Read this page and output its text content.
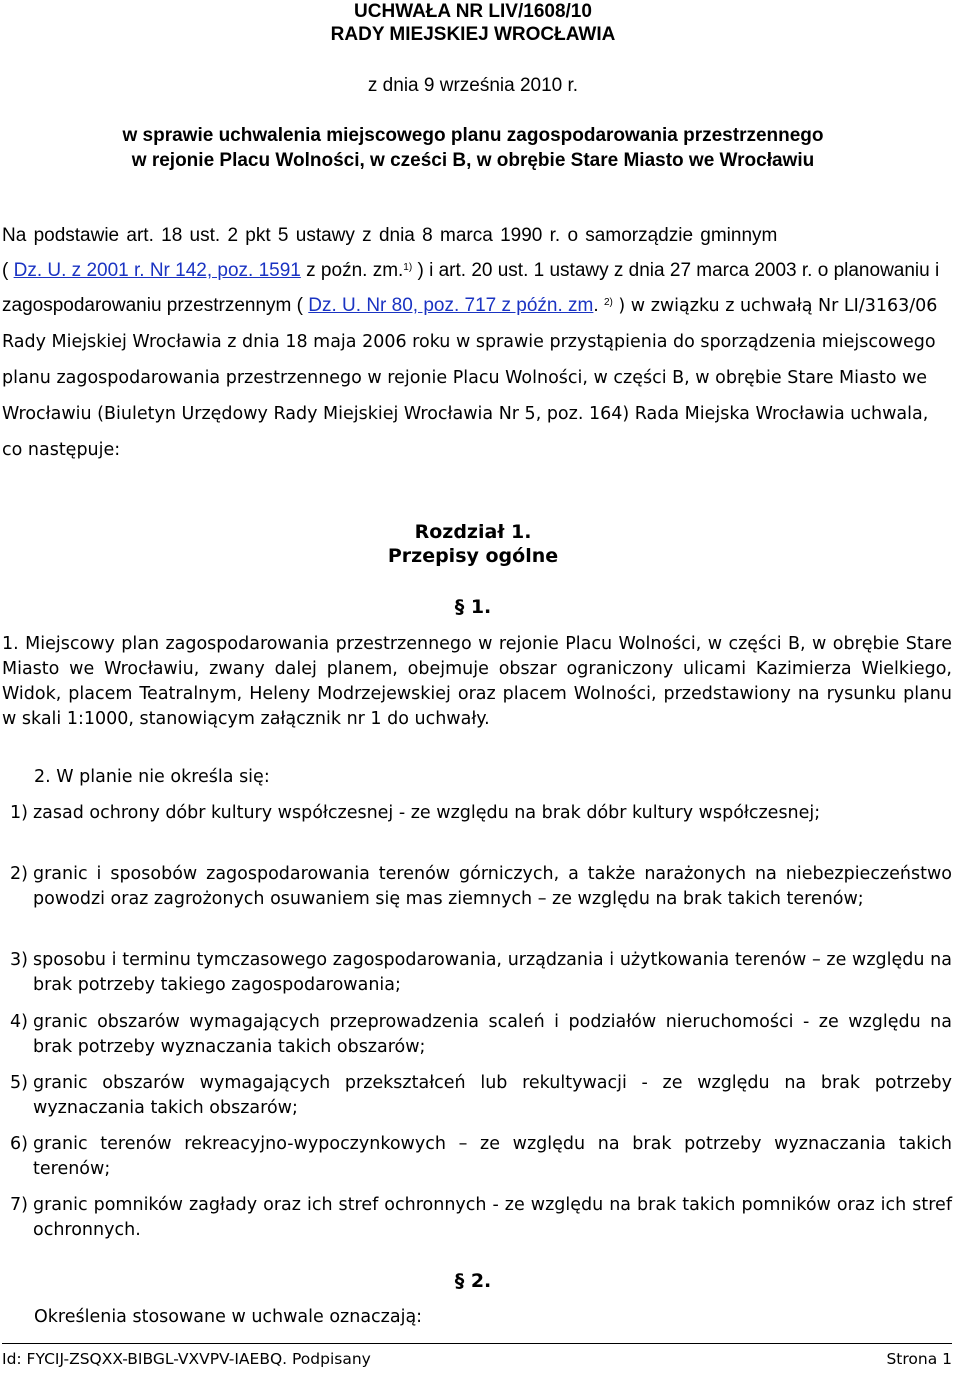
UCHWAŁA NR LIV/1608/10
RADY MIEJSKIEJ WROCŁAWIA
z dnia 9 września 2010 r.
w sprawie uchwalenia miejscowego planu zagospodarowania przestrzennego
w rejonie Placu Wolności, w cześci B, w obrębie Stare Miasto we Wrocławiu
Na podstawie art. 18 ust. 2 pkt 5 ustawy z dnia 8 marca 1990 r. o samorządzie gminnym
( Dz. U. z 2001 r. Nr 142, poz. 1591 z poźn. zm.$^{1)}$ ) i art. 20 ust. 1 ustawy z dnia 27 marca 2003 r. o planowaniu i zagospodarowaniu przestrzennym ( Dz. U. Nr 80, poz. 717 z późn. zm. $^{2)}$ ) w związku z uchwałą Nr LI/3163/06 Rady Miejskiej Wrocławia z dnia 18 maja 2006 roku w sprawie przystąpienia do sporządzenia miejscowego planu zagospodarowania przestrzennego w rejonie Placu Wolności, w części B, w obrębie Stare Miasto we Wrocławiu (Biuletyn Urzędowy Rady Miejskiej Wrocławia Nr 5, poz. 164) Rada Miejska Wrocławia uchwala, co następuje:
Rozdział 1.
Przepisy ogólne
§ 1.
1. Miejscowy plan zagospodarowania przestrzennego w rejonie Placu Wolności, w części B, w obrębie Stare Miasto we Wrocławiu, zwany dalej planem, obejmuje obszar ograniczony ulicami Kazimierza Wielkiego, Widok, placem Teatralnym, Heleny Modrzejewskiej oraz placem Wolności, przedstawiony na rysunku planu w skali 1:1000, stanowiącym załącznik nr 1 do uchwały.
2. W planie nie określa się:
1) zasad ochrony dóbr kultury współczesnej - ze względu na brak dóbr kultury współczesnej;
2) granic i sposobów zagospodarowania terenów górniczych, a także narażonych na niebezpieczeństwo powodzi oraz zagrożonych osuwaniem się mas ziemnych – ze względu na brak takich terenów;
3) sposobu i terminu tymczasowego zagospodarowania, urządzania i użytkowania terenów – ze względu na brak potrzeby takiego zagospodarowania;
4) granic obszarów wymagających przeprowadzenia scaleń i podziałów nieruchomości - ze względu na brak potrzeby wyznaczania takich obszarów;
5) granic obszarów wymagających przekształceń lub rekultywacji - ze względu na brak potrzeby wyznaczania takich obszarów;
6) granic terenów rekreacyjno-wypoczynkowych – ze względu na brak potrzeby wyznaczania takich terenów;
7) granic pomników zagłady oraz ich stref ochronnych - ze względu na brak takich pomników oraz ich stref ochronnych.
§ 2.
Określenia stosowane w uchwale oznaczają:
Id: FYCIJ-ZSQXX-BIBGL-VXVPV-IAEBQ. Podpisany	Strona 1
